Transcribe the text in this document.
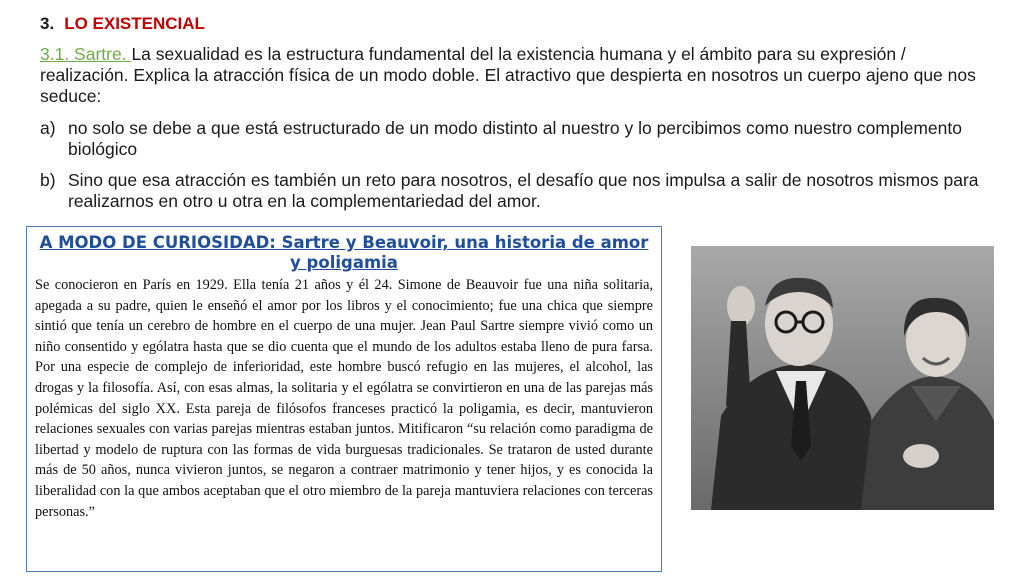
3. LO EXISTENCIAL
3.1. Sartre. La sexualidad es la estructura fundamental del la existencia humana y el ámbito para su expresión / realización. Explica la atracción física de un modo doble. El atractivo que despierta en nosotros un cuerpo ajeno que nos seduce:
a) no solo se debe a que está estructurado de un modo distinto al nuestro y lo percibimos como nuestro complemento biológico
b) Sino que esa atracción es también un reto para nosotros, el desafío que nos impulsa a salir de nosotros mismos para realizarnos en otro u otra en la complementariedad del amor.
A MODO DE CURIOSIDAD: Sartre y Beauvoir, una historia de amor y poligamia
Se conocieron en París en 1929. Ella tenía 21 años y él 24. Simone de Beauvoir fue una niña solitaria, apegada a su padre, quien le enseñó el amor por los libros y el conocimiento; fue una chica que siempre sintió que tenía un cerebro de hombre en el cuerpo de una mujer. Jean Paul Sartre siempre vivió como un niño consentido y ególatra hasta que se dio cuenta que el mundo de los adultos estaba lleno de pura farsa. Por una especie de complejo de inferioridad, este hombre buscó refugio en las mujeres, el alcohol, las drogas y la filosofía. Así, con esas almas, la solitaria y el ególatra se convirtieron en una de las parejas más polémicas del siglo XX. Esta pareja de filósofos franceses practicó la poligamia, es decir, mantuvieron relaciones sexuales con varias parejas mientras estaban juntos. Mitificaron “su relación como paradigma de libertad y modelo de ruptura con las formas de vida burguesas tradicionales. Se trataron de usted durante más de 50 años, nunca vivieron juntos, se negaron a contraer matrimonio y tener hijos, y es conocida la liberalidad con la que ambos aceptaban que el otro miembro de la pareja mantuviera relaciones con terceras personas.”
